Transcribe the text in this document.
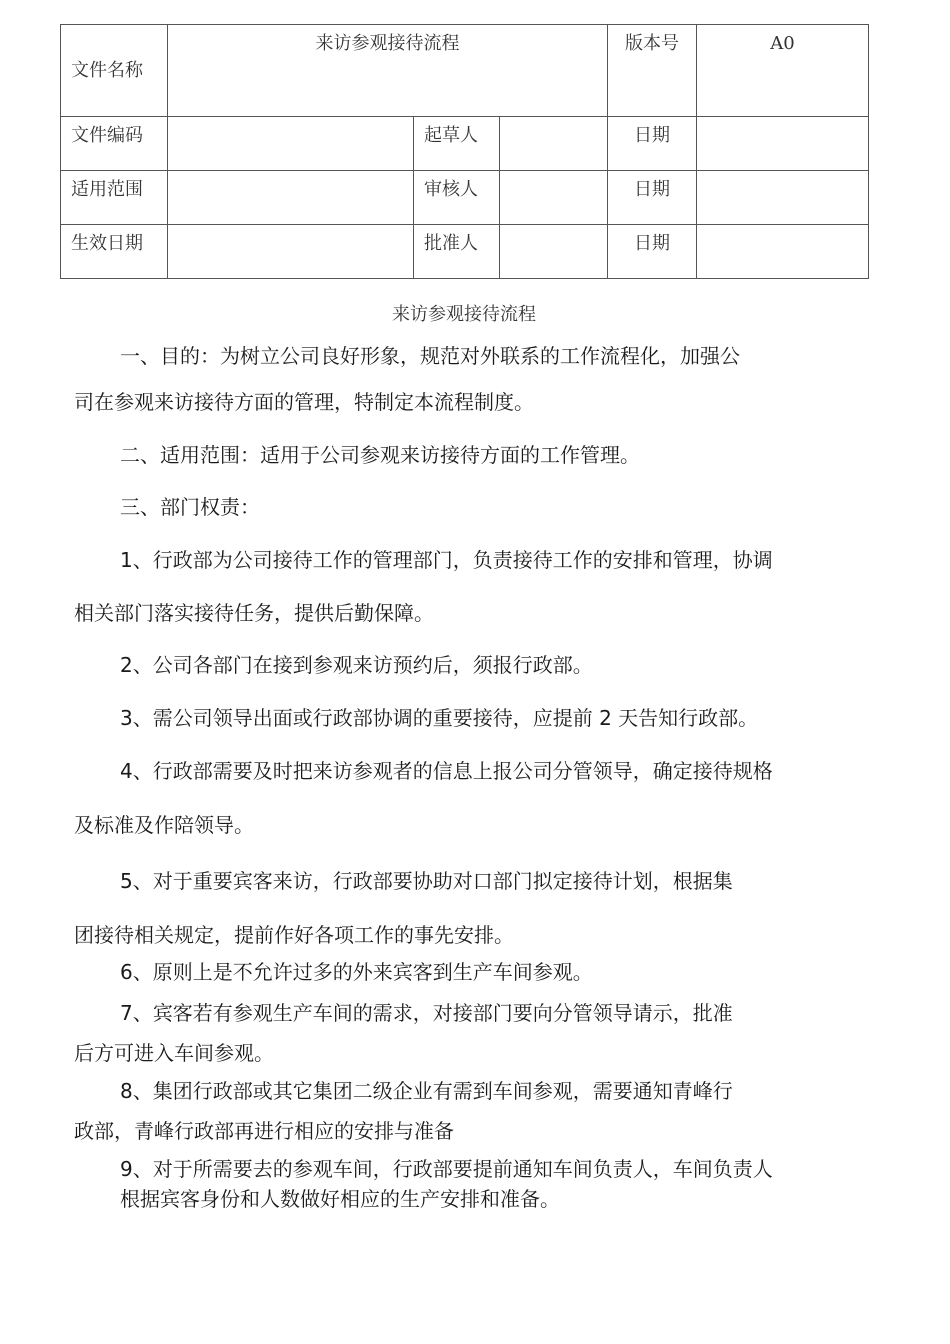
文件名称	来访参观接待流程			版本号	A0
文件编码		起草人		日期	
适用范围		审核人		日期	
生效日期		批准人		日期	
来访参观接待流程
一、目的：为树立公司良好形象，规范对外联系的工作流程化，加强公
司在参观来访接待方面的管理，特制定本流程制度。
二、适用范围：适用于公司参观来访接待方面的工作管理。
三、部门权责：
1、行政部为公司接待工作的管理部门，负责接待工作的安排和管理，协调
相关部门落实接待任务，提供后勤保障。
2、公司各部门在接到参观来访预约后，须报行政部。
3、需公司领导出面或行政部协调的重要接待，应提前 2 天告知行政部。
4、行政部需要及时把来访参观者的信息上报公司分管领导，确定接待规格
及标准及作陪领导。
5、对于重要宾客来访，行政部要协助对口部门拟定接待计划，根据集
团接待相关规定，提前作好各项工作的事先安排。
6、原则上是不允许过多的外来宾客到生产车间参观。
7、宾客若有参观生产车间的需求，对接部门要向分管领导请示，批准
后方可进入车间参观。
8、集团行政部或其它集团二级企业有需到车间参观，需要通知青峰行
政部，青峰行政部再进行相应的安排与准备
9、对于所需要去的参观车间，行政部要提前通知车间负责人，车间负责人
根据宾客身份和人数做好相应的生产安排和准备。
